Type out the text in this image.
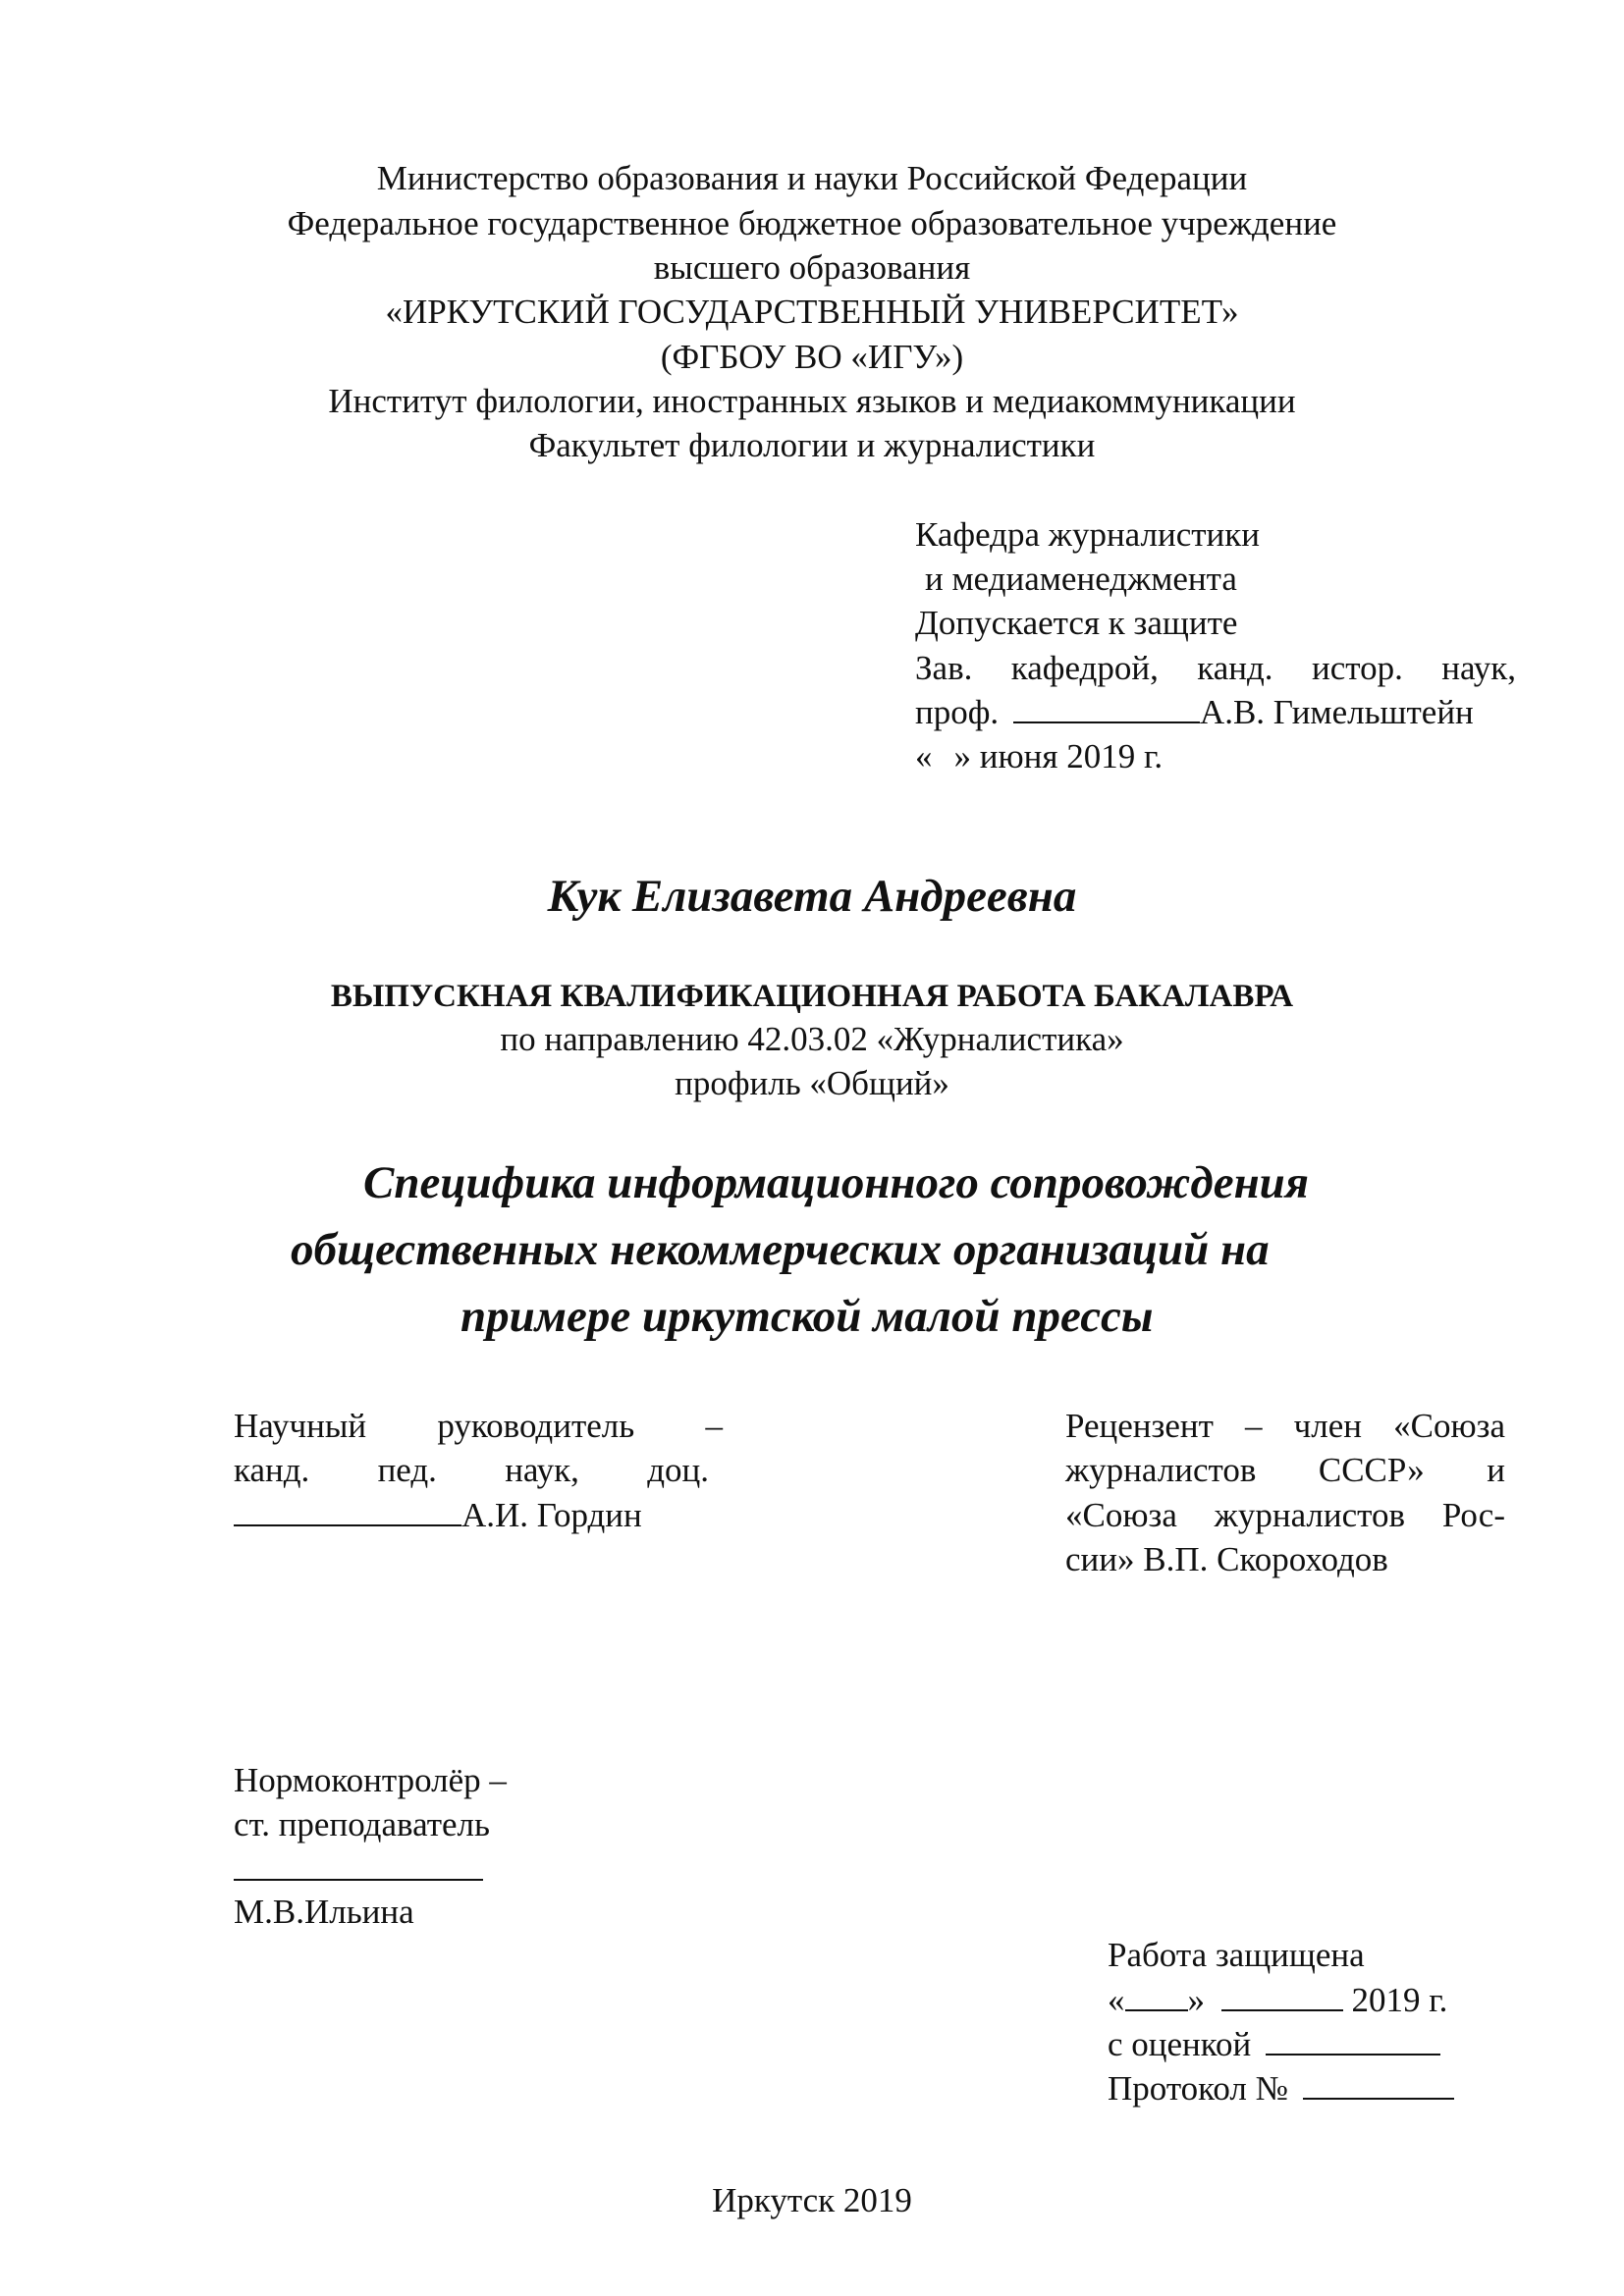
Министерство образования и науки Российской Федерации
Федеральное государственное бюджетное образовательное учреждение
высшего образования
«ИРКУТСКИЙ ГОСУДАРСТВЕННЫЙ УНИВЕРСИТЕТ»
(ФГБОУ ВО «ИГУ»)
Институт филологии, иностранных языков и медиакоммуникации
Факультет филологии и журналистики
Кафедра журналистики
и медиаменеджмента
Допускается к защите
Зав. кафедрой, канд. истор. наук,
проф.	А.В. Гимельштейн
« » июня 2019 г.
Кук Елизавета Андреевна
ВЫПУСКНАЯ КВАЛИФИКАЦИОННАЯ РАБОТА БАКАЛАВРА
по направлению 42.03.02 «Журналистика»
профиль «Общий»
Специфика информационного сопровождения
общественных некоммерческих организаций на
примере иркутской малой прессы
Научный руководитель –
канд. пед. наук, доц.
А.И. Гордин
Рецензент – член «Союза
журналистов СССР» и
«Союза журналистов Рос-
сии» В.П. Скороходов
Нормоконтролёр –
ст. преподаватель
М.В.Ильина
Работа защищена
« »	2019 г.
с оценкой
Протокол №
Иркутск 2019
